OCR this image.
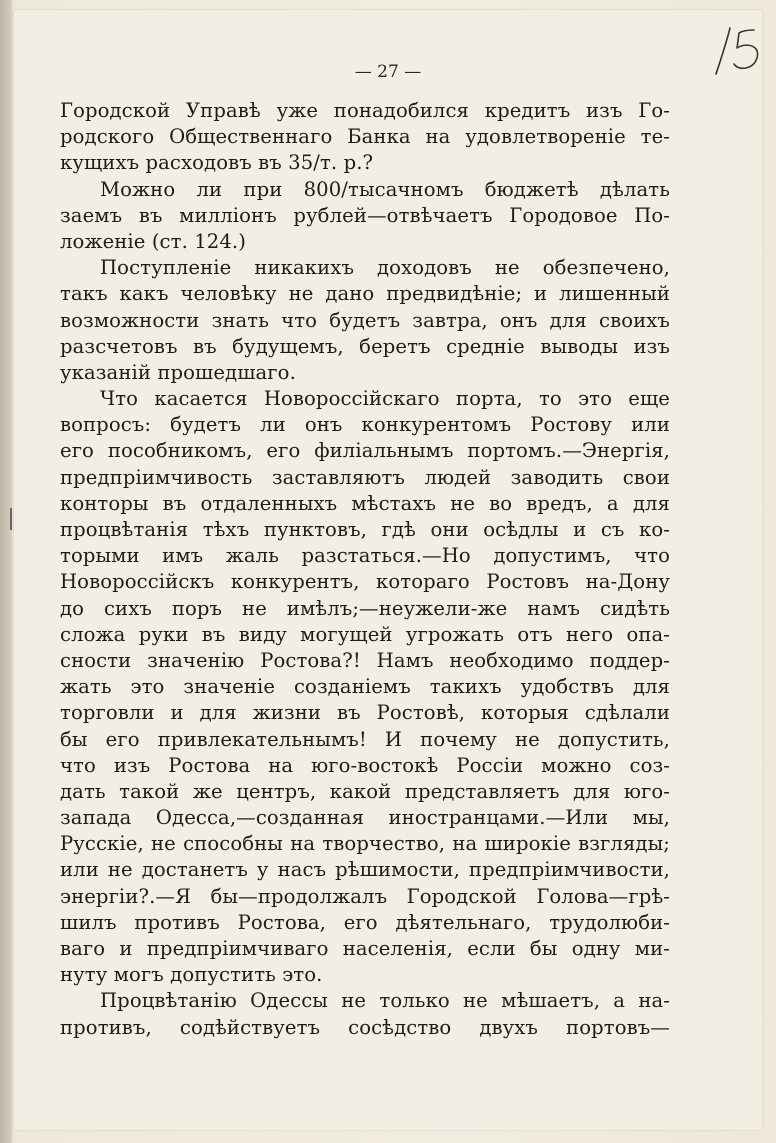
— 27 —
Городской Управѣ уже понадобился кредитъ изъ Го-
родского Общественнаго Банка на удовлетвореніе те-
кущихъ расходовъ въ 35/т. р.?
Можно ли при 800/тысачномъ бюджетѣ дѣлать
заемъ въ милліонъ рублей—отвѣчаетъ Городовое По-
ложеніе (ст. 124.)
Поступленіе никакихъ доходовъ не обезпечено,
такъ какъ человѣку не дано предвидѣніе; и лишенный
возможности знать что будетъ завтра, онъ для своихъ
разсчетовъ въ будущемъ, беретъ средніе выводы изъ
указаній прошедшаго.
Что касается Новороссійскаго порта, то это еще
вопросъ: будетъ ли онъ конкурентомъ Ростову или
его пособникомъ, его филіальнымъ портомъ.—Энергія,
предпріимчивость заставляютъ людей заводить свои
конторы въ отдаленныхъ мѣстахъ не во вредъ, а для
процвѣтанія тѣхъ пунктовъ, гдѣ они осѣдлы и съ ко-
торыми имъ жаль разстаться.—Но допустимъ, что
Новороссійскъ конкурентъ, котораго Ростовъ на-Дону
до сихъ поръ не имѣлъ;—неужели-же намъ сидѣть
сложа руки въ виду могущей угрожать отъ него опа-
сности значенію Ростова?! Намъ необходимо поддер-
жать это значеніе созданіемъ такихъ удобствъ для
торговли и для жизни въ Ростовѣ, которыя сдѣлали
бы его привлекательнымъ! И почему не допустить,
что изъ Ростова на юго-востокѣ Россіи можно соз-
дать такой же центръ, какой представляетъ для юго-
запада Одесса,—созданная иностранцами.—Или мы,
Русскіе, не способны на творчество, на широкіе взгляды;
или не достанетъ у насъ рѣшимости, предпріимчивости,
энергіи?.—Я бы—продолжалъ Городской Голова—грѣ-
шилъ противъ Ростова, его дѣятельнаго, трудолюби-
ваго и предпріимчиваго населенія, если бы одну ми-
нуту могъ допустить это.
Процвѣтанію Одессы не только не мѣшаетъ, а на-
противъ, содѣйствуетъ сосѣдство двухъ портовъ—
